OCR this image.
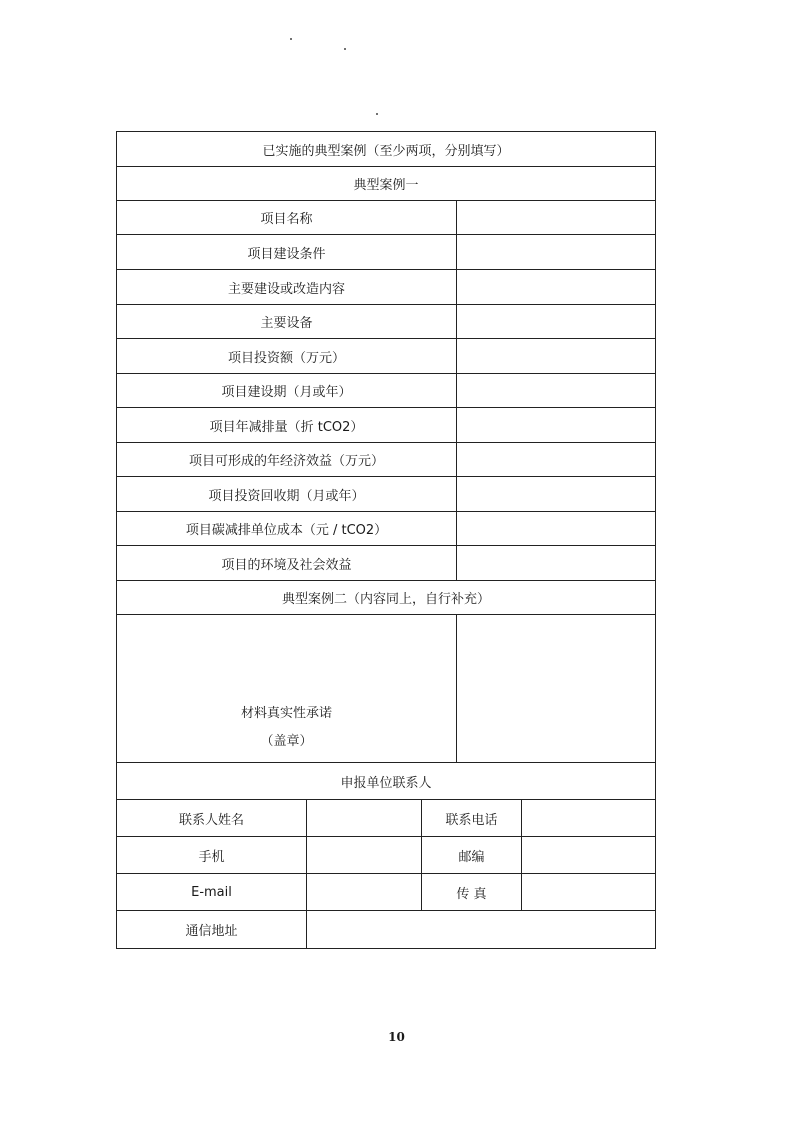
已实施的典型案例（至少两项，分别填写）
典型案例一
项目名称
项目建设条件
主要建设或改造内容
主要设备
项目投资额（万元）
项目建设期（月或年）
项目年减排量（折 tCO2）
项目可形成的年经济效益（万元）
项目投资回收期（月或年）
项目碳减排单位成本（元 / tCO2）
项目的环境及社会效益
典型案例二（内容同上，自行补充）
材料真实性承诺
（盖章）
申报单位联系人
联系人姓名	联系电话
手机	邮编
E-mail	传 真
通信地址
10
